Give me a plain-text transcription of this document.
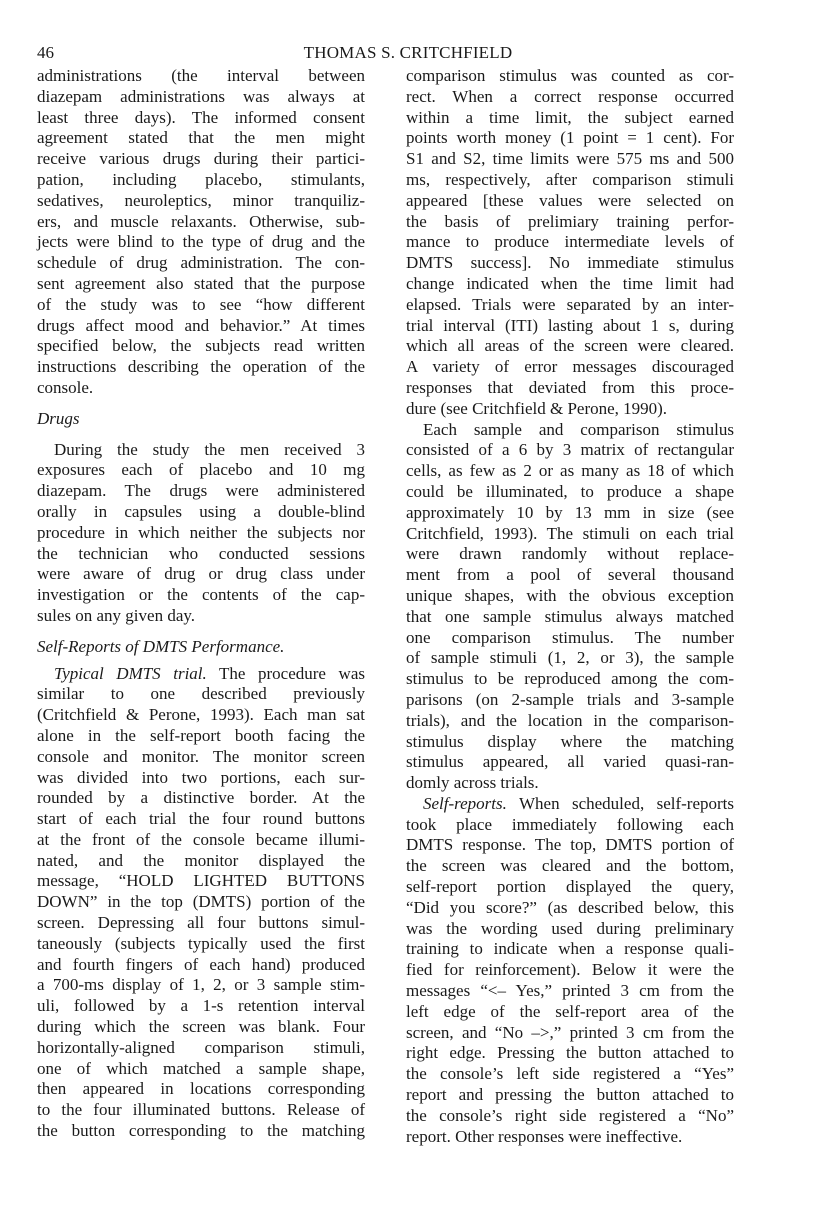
46	THOMAS S. CRITCHFIELD
administrations (the interval between
diazepam administrations was always at
least three days). The informed consent
agreement stated that the men might
receive various drugs during their partici-
pation, including placebo, stimulants,
sedatives, neuroleptics, minor tranquiliz-
ers, and muscle relaxants. Otherwise, sub-
jects were blind to the type of drug and the
schedule of drug administration. The con-
sent agreement also stated that the purpose
of the study was to see “how different
drugs affect mood and behavior.” At times
specified below, the subjects read written
instructions describing the operation of the
console.
Drugs
During the study the men received 3
exposures each of placebo and 10 mg
diazepam. The drugs were administered
orally in capsules using a double-blind
procedure in which neither the subjects nor
the technician who conducted sessions
were aware of drug or drug class under
investigation or the contents of the cap-
sules on any given day.
Self-Reports of DMTS Performance.
Typical DMTS trial. The procedure was
similar to one described previously
(Critchfield & Perone, 1993). Each man sat
alone in the self-report booth facing the
console and monitor. The monitor screen
was divided into two portions, each sur-
rounded by a distinctive border. At the
start of each trial the four round buttons
at the front of the console became illumi-
nated, and the monitor displayed the
message, “HOLD LIGHTED BUTTONS
DOWN” in the top (DMTS) portion of the
screen. Depressing all four buttons simul-
taneously (subjects typically used the first
and fourth fingers of each hand) produced
a 700-ms display of 1, 2, or 3 sample stim-
uli, followed by a 1-s retention interval
during which the screen was blank. Four
horizontally-aligned comparison stimuli,
one of which matched a sample shape,
then appeared in locations corresponding
to the four illuminated buttons. Release of
the button corresponding to the matching
comparison stimulus was counted as cor-
rect. When a correct response occurred
within a time limit, the subject earned
points worth money (1 point = 1 cent). For
S1 and S2, time limits were 575 ms and 500
ms, respectively, after comparison stimuli
appeared [these values were selected on
the basis of prelimiary training perfor-
mance to produce intermediate levels of
DMTS success]. No immediate stimulus
change indicated when the time limit had
elapsed. Trials were separated by an inter-
trial interval (ITI) lasting about 1 s, during
which all areas of the screen were cleared.
A variety of error messages discouraged
responses that deviated from this proce-
dure (see Critchfield & Perone, 1990).
Each sample and comparison stimulus
consisted of a 6 by 3 matrix of rectangular
cells, as few as 2 or as many as 18 of which
could be illuminated, to produce a shape
approximately 10 by 13 mm in size (see
Critchfield, 1993). The stimuli on each trial
were drawn randomly without replace-
ment from a pool of several thousand
unique shapes, with the obvious exception
that one sample stimulus always matched
one comparison stimulus. The number
of sample stimuli (1, 2, or 3), the sample
stimulus to be reproduced among the com-
parisons (on 2-sample trials and 3-sample
trials), and the location in the comparison-
stimulus display where the matching
stimulus appeared, all varied quasi-ran-
domly across trials.
Self-reports. When scheduled, self-reports
took place immediately following each
DMTS response. The top, DMTS portion of
the screen was cleared and the bottom,
self-report portion displayed the query,
“Did you score?” (as described below, this
was the wording used during preliminary
training to indicate when a response quali-
fied for reinforcement). Below it were the
messages “<– Yes,” printed 3 cm from the
left edge of the self-report area of the
screen, and “No –>,” printed 3 cm from the
right edge. Pressing the button attached to
the console’s left side registered a “Yes”
report and pressing the button attached to
the console’s right side registered a “No”
report. Other responses were ineffective.
